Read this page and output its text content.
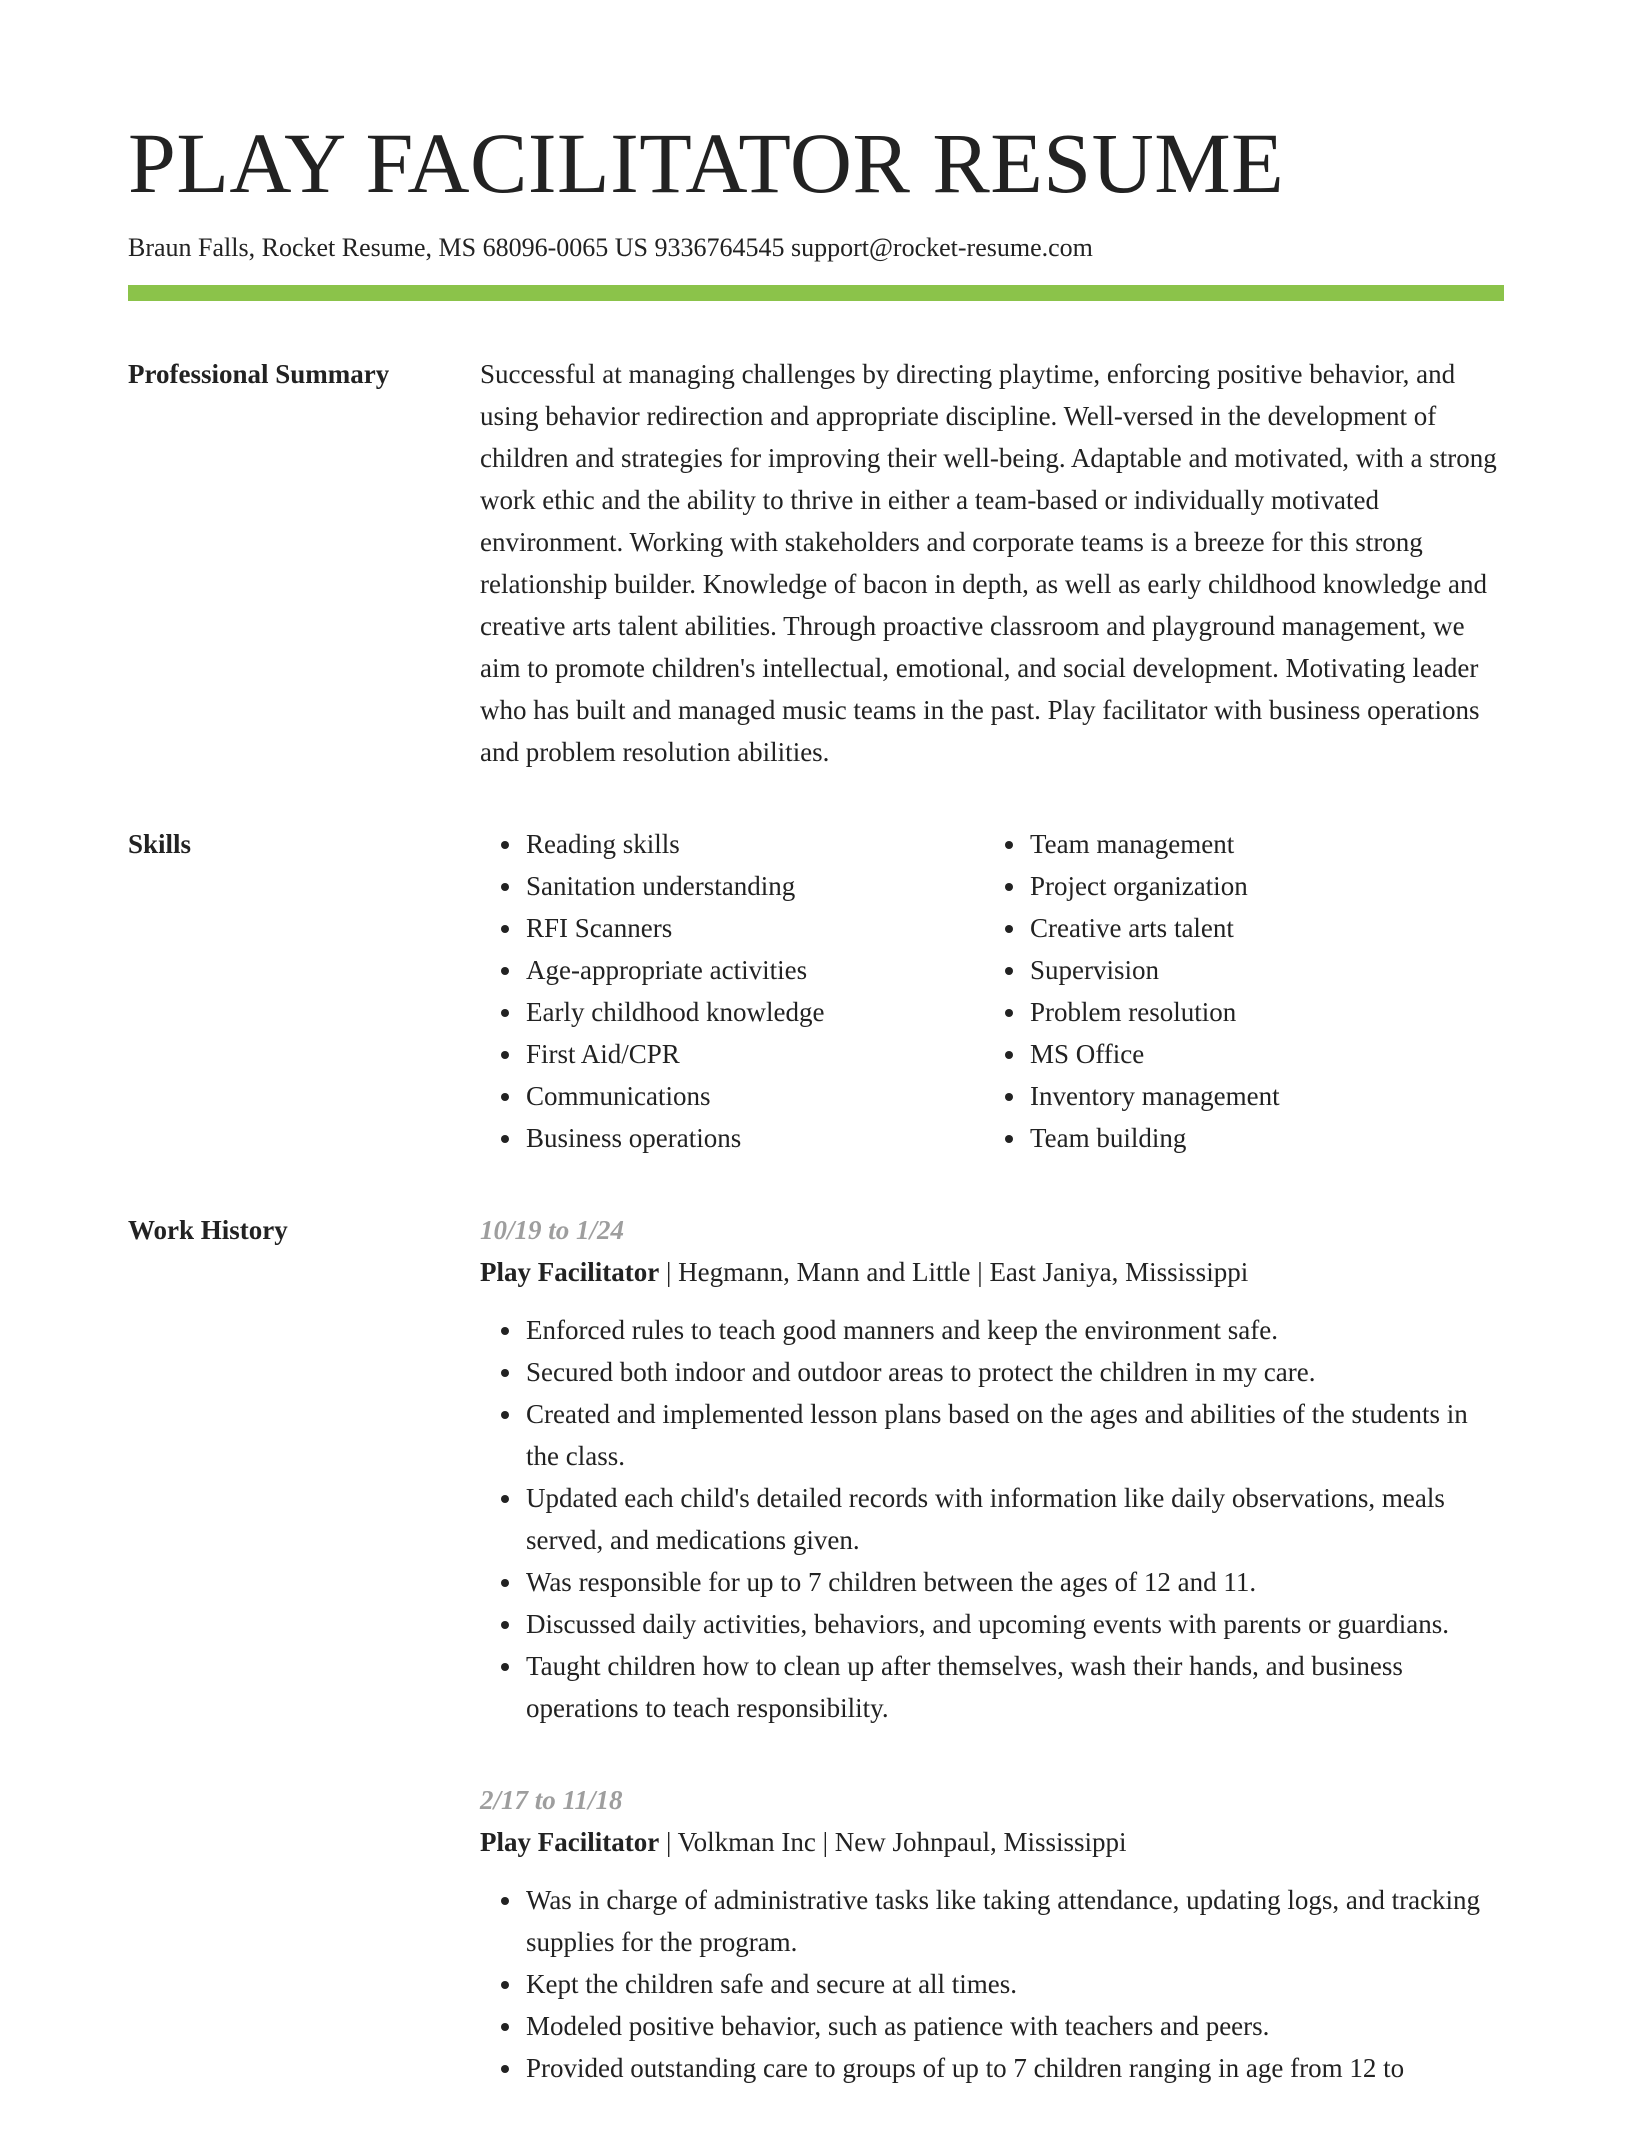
PLAY FACILITATOR RESUME
Braun Falls, Rocket Resume, MS 68096-0065 US 9336764545 support@rocket-resume.com
Professional Summary	Successful at managing challenges by directing playtime, enforcing positive behavior, and using behavior redirection and appropriate discipline. Well-versed in the development of children and strategies for improving their well-being. Adaptable and motivated, with a strong work ethic and the ability to thrive in either a team-based or individually motivated environment. Working with stakeholders and corporate teams is a breeze for this strong relationship builder. Knowledge of bacon in depth, as well as early childhood knowledge and creative arts talent abilities. Through proactive classroom and playground management, we aim to promote children's intellectual, emotional, and social development. Motivating leader who has built and managed music teams in the past. Play facilitator with business operations and problem resolution abilities.

Skills
•	Reading skills
• Sanitation understanding
• RFI Scanners
• Age-appropriate activities
• Early childhood knowledge
• First Aid/CPR
• Communications
• Business operations
• Team management
• Project organization
• Creative arts talent
• Supervision
• Problem resolution
• MS Office
• Inventory management
• Team building
Work History	10/19 to 1/24

Play Facilitator | Hegmann, Mann and Little | East Janiya, Mississippi

• Enforced rules to teach good manners and keep the environment safe.
• Secured both indoor and outdoor areas to protect the children in my care.
• Created and implemented lesson plans based on the ages and abilities of the students in the class.
• Updated each child's detailed records with information like daily observations, meals served, and medications given.
• Was responsible for up to 7 children between the ages of 12 and 11.
• Discussed daily activities, behaviors, and upcoming events with parents or guardians.
• Taught children how to clean up after themselves, wash their hands, and business operations to teach responsibility.
2/17 to 11/18

Play Facilitator | Volkman Inc | New Johnpaul, Mississippi

• Was in charge of administrative tasks like taking attendance, updating logs, and tracking supplies for the program.
• Kept the children safe and secure at all times.
• Modeled positive behavior, such as patience with teachers and peers.
• Provided outstanding care to groups of up to 7 children ranging in age from 12 to
